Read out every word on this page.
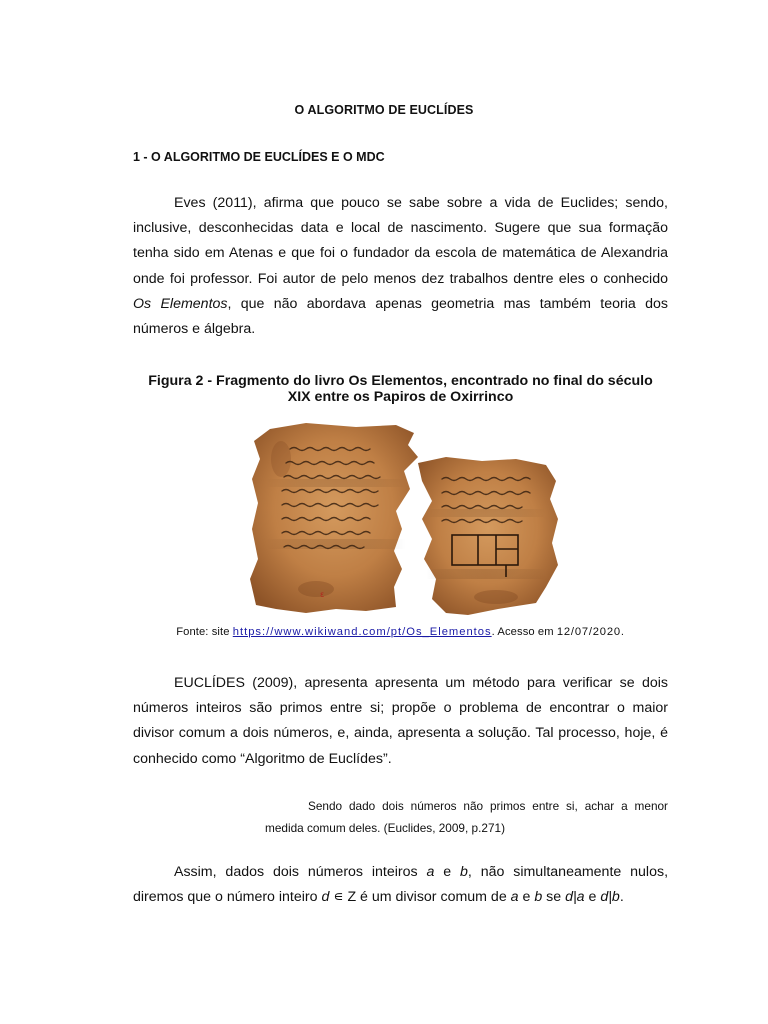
O ALGORITMO DE EUCLÍDES
1 - O ALGORITMO DE EUCLÍDES E O MDC

Eves (2011), afirma que pouco se sabe sobre a vida de Euclides; sendo, inclusive, desconhecidas data e local de nascimento. Sugere que sua formação tenha sido em Atenas e que foi o fundador da escola de matemática de Alexandria onde foi professor. Foi autor de pelo menos dez trabalhos dentre eles o conhecido Os Elementos, que não abordava apenas geometria mas também teoria dos números e álgebra.

Figura 2 - Fragmento do livro Os Elementos, encontrado no final do século
XIX entre os Papiros de Oxirrinco
ɛ
Fonte: site https://www.wikiwand.com/pt/Os_Elementos. Acesso em 12/07/2020.

EUCLÍDES (2009), apresenta apresenta um método para verificar se dois números inteiros são primos entre si; propõe o problema de encontrar o maior divisor comum a dois números, e, ainda, apresenta a solução. Tal processo, hoje, é conhecido como “Algoritmo de Euclídes”.

Sendo dado dois números não primos entre si, achar a menor medida comum deles. (Euclides, 2009, p.271)

Assim, dados dois números inteiros a e b, não simultaneamente nulos, diremos que o número inteiro d ∊ Z é um divisor comum de a e b se d|a e d|b.
